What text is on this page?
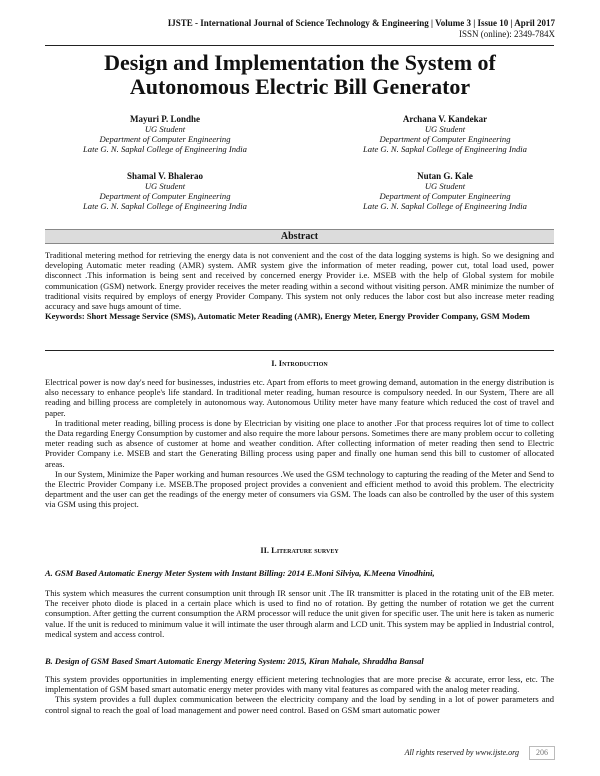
IJSTE - International Journal of Science Technology & Engineering | Volume 3 | Issue 10 | April 2017
ISSN (online): 2349-784X
Design and Implementation the System of
Autonomous Electric Bill Generator
Mayuri P. Londhe
UG Student
Department of Computer Engineering
Late G. N. Sapkal College of Engineering India
Archana V. Kandekar
UG Student
Department of Computer Engineering
Late G. N. Sapkal College of Engineering India
Shamal V. Bhalerao
UG Student
Department of Computer Engineering
Late G. N. Sapkal College of Engineering India
Nutan G. Kale
UG Student
Department of Computer Engineering
Late G. N. Sapkal College of Engineering India
Abstract
Traditional metering method for retrieving the energy data is not convenient and the cost of the data logging systems is high. So we designing and developing Automatic meter reading (AMR) system. AMR system give the information of meter reading, power cut, total load used, power disconnect .This information is being sent and received by concerned energy Provider i.e. MSEB with the help of Global system for mobile communication (GSM) network. Energy provider receives the meter reading within a second without visiting person. AMR minimize the number of traditional visits required by employs of energy Provider Company. This system not only reduces the labor cost but also increase meter reading accuracy and save hugs amount of time.
Keywords: Short Message Service (SMS), Automatic Meter Reading (AMR), Energy Meter, Energy Provider Company, GSM Modem
I. Introduction
Electrical power is now day's need for businesses, industries etc. Apart from efforts to meet growing demand, automation in the energy distribution is also necessary to enhance people's life standard. In traditional meter reading, human resource is compulsory needed. In our System, There are all reading and billing process are completely in autonomous way. Autonomous Utility meter have many feature which reduced the cost of travel and paper.
In traditional meter reading, billing process is done by Electrician by visiting one place to another .For that process requires lot of time to collect the Data regarding Energy Consumption by customer and also require the more labour persons. Sometimes there are many problem occur to colleting meter reading such as absence of customer at home and weather condition. After collecting information of meter reading then send to Electric Provider Company i.e. MSEB and start the Generating Billing process using paper and finally one human send this bill to customer of allocated areas.
In our System, Minimize the Paper working and human resources .We used the GSM technology to capturing the reading of the Meter and Send to the Electric Provider Company i.e. MSEB.The proposed project provides a convenient and efficient method to avoid this problem. The electricity department and the user can get the readings of the energy meter of consumers via GSM. The loads can also be controlled by the user of this system via GSM using this project.
II. Literature survey
A. GSM Based Automatic Energy Meter System with Instant Billing: 2014 E.Moni Silviya, K.Meena Vinodhini,
This system which measures the current consumption unit through IR sensor unit .The IR transmitter is placed in the rotating unit of the EB meter. The receiver photo diode is placed in a certain place which is used to find no of rotation. By getting the number of rotation we get the current consumption. After getting the current consumption the ARM processor will reduce the unit given for specific user. The unit here is taken as numeric value. If the unit is reduced to minimum value it will intimate the user through alarm and LCD unit. This system may be applied in Industrial control, medical system and access control.
B. Design of GSM Based Smart Automatic Energy Metering System: 2015, Kiran Mahale, Shraddha Bansal
This system provides opportunities in implementing energy efficient metering technologies that are more precise & accurate, error less, etc. The implementation of GSM based smart automatic energy meter provides with many vital features as compared with the analog meter reading.
This system provides a full duplex communication between the electricity company and the load by sending in a lot of power parameters and control signal to reach the goal of load management and power need control. Based on GSM smart automatic power
All rights reserved by www.ijste.org 206
